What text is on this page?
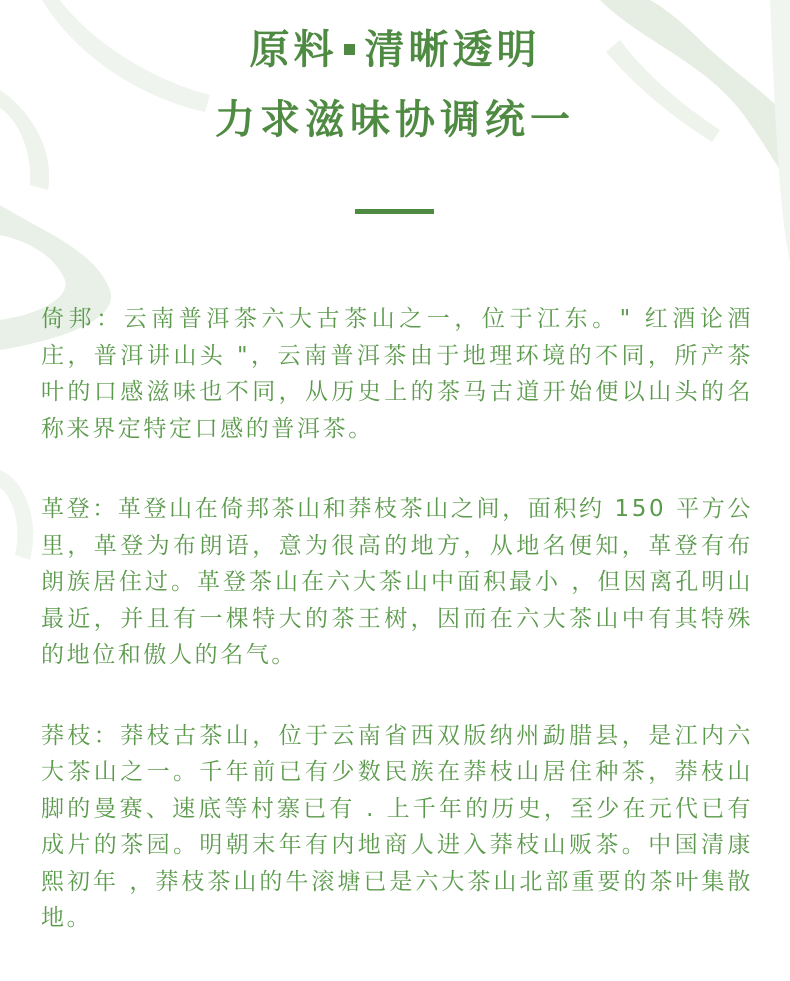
原料 清晰透明
力求滋味协调统一

倚邦：云南普洱茶六大古茶山之一，位于江东。" 红酒论酒庄，普洱讲山头 "，云南普洱茶由于地理环境的不同，所产茶叶的口感滋味也不同，从历史上的茶马古道开始便以山头的名称来界定特定口感的普洱茶。

革登：革登山在倚邦茶山和莽枝茶山之间，面积约 150 平方公里，革登为布朗语，意为很高的地方，从地名便知，革登有布朗族居住过。革登茶山在六大茶山中面积最小 ，但因离孔明山最近，并且有一棵特大的茶王树，因而在六大茶山中有其特殊的地位和傲人的名气。

莽枝：莽枝古茶山，位于云南省西双版纳州勐腊县，是江内六大茶山之一。千年前已有少数民族在莽枝山居住种茶，莽枝山脚的曼赛、速底等村寨已有 . 上千年的历史，至少在元代已有成片的茶园。明朝末年有内地商人进入莽枝山贩茶。中国清康熙初年 ，莽枝茶山的牛滚塘已是六大茶山北部重要的茶叶集散地。
